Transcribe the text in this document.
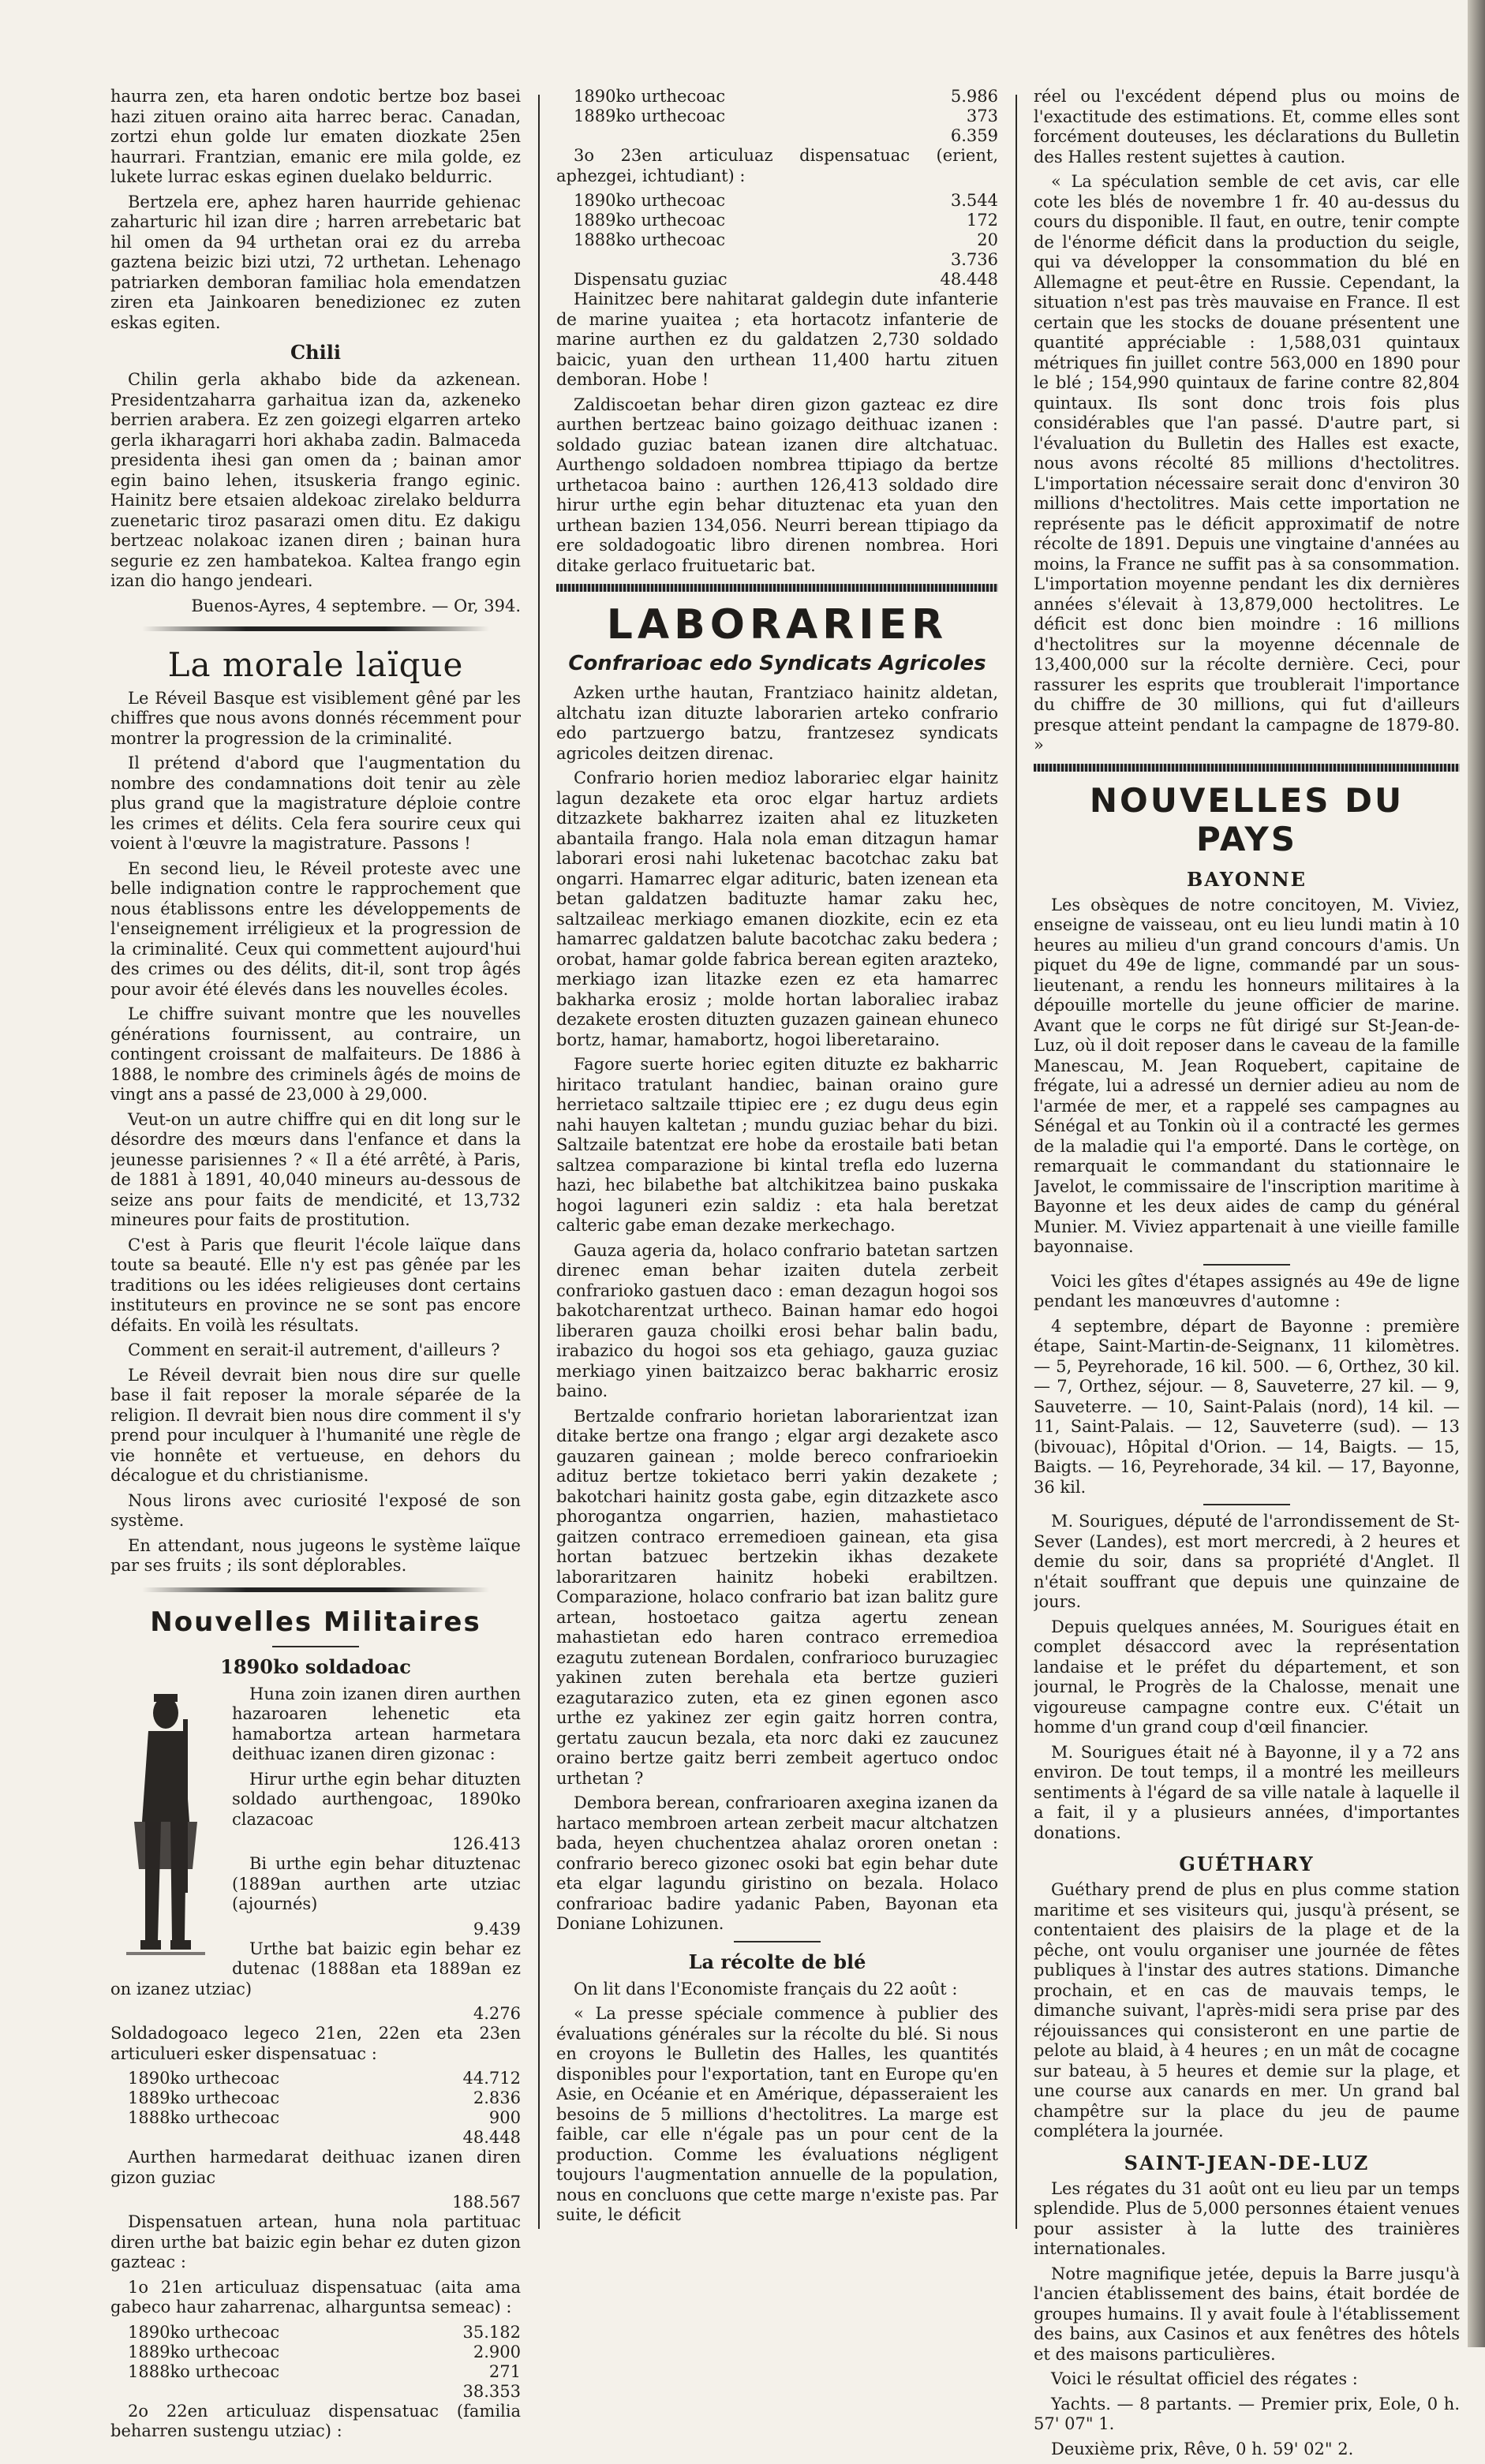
haurra zen, eta haren ondotic bertze boz basei hazi zituen oraino aita harrec berac. Canadan, zortzi ehun golde lur ematen diozkate 25en haurrari. Frantzian, emanic ere mila golde, ez lukete lurrac eskas eginen duelako beldurric.

Bertzela ere, aphez haren haurride gehienac zaharturic hil izan dire ; harren arrebetaric bat hil omen da 94 urthetan orai ez du arreba gaztena beizic bizi utzi, 72 urthetan. Lehenago patriarken demboran familiac hola emendatzen ziren eta Jainkoaren benedizionec ez zuten eskas egiten.

Chili

Chilin gerla akhabo bide da azkenean. Presidentzaharra garhaitua izan da, azkeneko berrien arabera. Ez zen goizegi elgarren arteko gerla ikharagarri hori akhaba zadin. Balmaceda presidenta ihesi gan omen da ; bainan amor egin baino lehen, itsuskeria frango eginic. Hainitz bere etsaien aldekoac zirelako beldurra zuenetaric tiroz pasarazi omen ditu. Ez dakigu bertzeac nolakoac izanen diren ; bainan hura segurie ez zen hambatekoa. Kaltea frango egin izan dio hango jendeari.

Buenos-Ayres, 4 septembre. — Or, 394.
La morale laïque

Le Réveil Basque est visiblement gêné par les chiffres que nous avons donnés récemment pour montrer la progression de la criminalité.

Il prétend d'abord que l'augmentation du nombre des condamnations doit tenir au zèle plus grand que la magistrature déploie contre les crimes et délits. Cela fera sourire ceux qui voient à l'œuvre la magistrature. Passons !

En second lieu, le Réveil proteste avec une belle indignation contre le rapprochement que nous établissons entre les développements de l'enseignement irréligieux et la progression de la criminalité. Ceux qui commettent aujourd'hui des crimes ou des délits, dit-il, sont trop âgés pour avoir été élevés dans les nouvelles écoles.

Le chiffre suivant montre que les nouvelles générations fournissent, au contraire, un contingent croissant de malfaiteurs. De 1886 à 1888, le nombre des criminels âgés de moins de vingt ans a passé de 23,000 à 29,000.

Veut-on un autre chiffre qui en dit long sur le désordre des mœurs dans l'enfance et dans la jeunesse parisiennes ? « Il a été arrêté, à Paris, de 1881 à 1891, 40,040 mineurs au-dessous de seize ans pour faits de mendicité, et 13,732 mineures pour faits de prostitution.

C'est à Paris que fleurit l'école laïque dans toute sa beauté. Elle n'y est pas gênée par les traditions ou les idées religieuses dont certains instituteurs en province ne se sont pas encore défaits. En voilà les résultats.

Comment en serait-il autrement, d'ailleurs ?

Le Réveil devrait bien nous dire sur quelle base il fait reposer la morale séparée de la religion. Il devrait bien nous dire comment il s'y prend pour inculquer à l'humanité une règle de vie honnête et vertueuse, en dehors du décalogue et du christianisme.

Nous lirons avec curiosité l'exposé de son système.

En attendant, nous jugeons le système laïque par ses fruits ; ils sont déplorables.

Nouvelles Militaires
1890ko soldadoac

Huna zoin izanen diren aurthen hazaroaren lehenetic eta hamabortza artean harmetara deithuac izanen diren gizonac :

Hirur urthe egin behar dituzten soldado aurthengoac, 1890ko clazacoac

126.413

Bi urthe egin behar dituztenac (1889an aurthen arte utziac (ajournés)

9.439

Urthe bat baizic egin behar ez dutenac (1888an eta 1889an ez on izanez utziac)

4.276

Soldadogoaco legeco 21en, 22en eta 23en articulueri esker dispensatuac :

1890ko urthecoac	44.712
1889ko urthecoac	2.836
1888ko urthecoac	900
48.448

Aurthen harmedarat deithuac izanen diren gizon guziac

188.567

Dispensatuen artean, huna nola partituac diren urthe bat baizic egin behar ez duten gizon gazteac :

1o 21en articuluaz dispensatuac (aita ama gabeco haur zaharrenac, alharguntsa semeac) :

1890ko urthecoac	35.182
1889ko urthecoac	2.900
1888ko urthecoac	271
38.353

2o 22en articuluaz dispensatuac (familia beharren sustengu utziac) :

1890ko urthecoac	5.986
1889ko urthecoac	373
6.359

3o 23en articuluaz dispensatuac (erient, aphezgei, ichtudiant) :

1890ko urthecoac	3.544
1889ko urthecoac	172
1888ko urthecoac	20
3.736
Dispensatu guziac	48.448

Hainitzec bere nahitarat galdegin dute infanterie de marine yuaitea ; eta hortacotz infanterie de marine aurthen ez du galdatzen 2,730 soldado baicic, yuan den urthean 11,400 hartu zituen demboran. Hobe !

Zaldiscoetan behar diren gizon gazteac ez dire aurthen bertzeac baino goizago deithuac izanen : soldado guziac batean izanen dire altchatuac. Aurthengo soldadoen nombrea ttipiago da bertze urthetacoa baino : aurthen 126,413 soldado dire hirur urthe egin behar dituztenac eta yuan den urthean bazien 134,056. Neurri berean ttipiago da ere soldadogoatic libro direnen nombrea. Hori ditake gerlaco fruituetaric bat.

LABORARIER
Confrarioac edo Syndicats Agricoles

Azken urthe hautan, Frantziaco hainitz aldetan, altchatu izan dituzte laborarien arteko confrario edo partzuergo batzu, frantzesez syndicats agricoles deitzen direnac.

Confrario horien medioz laborariec elgar hainitz lagun dezakete eta oroc elgar hartuz ardiets ditzazkete bakharrez izaiten ahal ez lituzketen abantaila frango. Hala nola eman ditzagun hamar laborari erosi nahi luketenac bacotchac zaku bat ongarri. Hamarrec elgar adituric, baten izenean eta betan galdatzen badituzte hamar zaku hec, saltzaileac merkiago emanen diozkite, ecin ez eta hamarrec galdatzen balute bacotchac zaku bedera ; orobat, hamar golde fabrica berean egiten arazteko, merkiago izan litazke ezen ez eta hamarrec bakharka erosiz ; molde hortan laboraliec irabaz dezakete erosten dituzten guzazen gainean ehuneco bortz, hamar, hamabortz, hogoi liberetaraino.

Fagore suerte horiec egiten dituzte ez bakharric hiritaco tratulant handiec, bainan oraino gure herrietaco saltzaile ttipiec ere ; ez dugu deus egin nahi hauyen kaltetan ; mundu guziac behar du bizi. Saltzaile batentzat ere hobe da erostaile bati betan saltzea comparazione bi kintal trefla edo luzerna hazi, hec bilabethe bat altchikitzea baino puskaka hogoi laguneri ezin saldiz : eta hala beretzat calteric gabe eman dezake merkechago.

Gauza ageria da, holaco confrario batetan sartzen direnec eman behar izaiten dutela zerbeit confrarioko gastuen daco : eman dezagun hogoi sos bakotcharentzat urtheco. Bainan hamar edo hogoi liberaren gauza choilki erosi behar balin badu, irabazico du hogoi sos eta gehiago, gauza guziac merkiago yinen baitzaizco berac bakharric erosiz baino.

Bertzalde confrario horietan laborarientzat izan ditake bertze ona frango ; elgar argi dezakete asco gauzaren gainean ; molde bereco confrarioekin adituz bertze tokietaco berri yakin dezakete ; bakotchari hainitz gosta gabe, egin ditzazkete asco phorogantza ongarrien, hazien, mahastietaco gaitzen contraco erremedioen gainean, eta gisa hortan batzuec bertzekin ikhas dezakete laboraritzaren hainitz hobeki erabiltzen. Comparazione, holaco confrario bat izan balitz gure artean, hostoetaco gaitza agertu zenean mahastietan edo haren contraco erremedioa ezagutu zutenean Bordalen, confrarioco buruzagiec yakinen zuten berehala eta bertze guzieri ezagutarazico zuten, eta ez ginen egonen asco urthe ez yakinez zer egin gaitz horren contra, gertatu zaucun bezala, eta norc daki ez zaucunez oraino bertze gaitz berri zembeit agertuco ondoc urthetan ?

Dembora berean, confrarioaren axegina izanen da hartaco membroen artean zerbeit macur altchatzen bada, heyen chuchentzea ahalaz ororen onetan : confrario bereco gizonec osoki bat egin behar dute eta elgar lagundu giristino on bezala. Holaco confrarioac badire yadanic Paben, Bayonan eta Doniane Lohizunen.

La récolte de blé

On lit dans l'Economiste français du 22 août :

« La presse spéciale commence à publier des évaluations générales sur la récolte du blé. Si nous en croyons le Bulletin des Halles, les quantités disponibles pour l'exportation, tant en Europe qu'en Asie, en Océanie et en Amérique, dépasseraient les besoins de 5 millions d'hectolitres. La marge est faible, car elle n'égale pas un pour cent de la production. Comme les évaluations négligent toujours l'augmentation annuelle de la population, nous en concluons que cette marge n'existe pas. Par suite, le déficit

réel ou l'excédent dépend plus ou moins de l'exactitude des estimations. Et, comme elles sont forcément douteuses, les déclarations du Bulletin des Halles restent sujettes à caution.

« La spéculation semble de cet avis, car elle cote les blés de novembre 1 fr. 40 au-dessus du cours du disponible. Il faut, en outre, tenir compte de l'énorme déficit dans la production du seigle, qui va développer la consommation du blé en Allemagne et peut-être en Russie. Cependant, la situation n'est pas très mauvaise en France. Il est certain que les stocks de douane présentent une quantité appréciable : 1,588,031 quintaux métriques fin juillet contre 563,000 en 1890 pour le blé ; 154,990 quintaux de farine contre 82,804 quintaux. Ils sont donc trois fois plus considérables que l'an passé. D'autre part, si l'évaluation du Bulletin des Halles est exacte, nous avons récolté 85 millions d'hectolitres. L'importation nécessaire serait donc d'environ 30 millions d'hectolitres. Mais cette importation ne représente pas le déficit approximatif de notre récolte de 1891. Depuis une vingtaine d'années au moins, la France ne suffit pas à sa consommation. L'importation moyenne pendant les dix dernières années s'élevait à 13,879,000 hectolitres. Le déficit est donc bien moindre : 16 millions d'hectolitres sur la moyenne décennale de 13,400,000 sur la récolte dernière. Ceci, pour rassurer les esprits que troublerait l'importance du chiffre de 30 millions, qui fut d'ailleurs presque atteint pendant la campagne de 1879-80. »

NOUVELLES DU PAYS
BAYONNE

Les obsèques de notre concitoyen, M. Viviez, enseigne de vaisseau, ont eu lieu lundi matin à 10 heures au milieu d'un grand concours d'amis. Un piquet du 49e de ligne, commandé par un sous-lieutenant, a rendu les honneurs militaires à la dépouille mortelle du jeune officier de marine. Avant que le corps ne fût dirigé sur St-Jean-de-Luz, où il doit reposer dans le caveau de la famille Manescau, M. Jean Roquebert, capitaine de frégate, lui a adressé un dernier adieu au nom de l'armée de mer, et a rappelé ses campagnes au Sénégal et au Tonkin où il a contracté les germes de la maladie qui l'a emporté. Dans le cortège, on remarquait le commandant du stationnaire le Javelot, le commissaire de l'inscription maritime à Bayonne et les deux aides de camp du général Munier. M. Viviez appartenait à une vieille famille bayonnaise.

Voici les gîtes d'étapes assignés au 49e de ligne pendant les manœuvres d'automne :

4 septembre, départ de Bayonne : première étape, Saint-Martin-de-Seignanx, 11 kilomètres. — 5, Peyrehorade, 16 kil. 500. — 6, Orthez, 30 kil. — 7, Orthez, séjour. — 8, Sauveterre, 27 kil. — 9, Sauveterre. — 10, Saint-Palais (nord), 14 kil. — 11, Saint-Palais. — 12, Sauveterre (sud). — 13 (bivouac), Hôpital d'Orion. — 14, Baigts. — 15, Baigts. — 16, Peyrehorade, 34 kil. — 17, Bayonne, 36 kil.

M. Sourigues, député de l'arrondissement de St-Sever (Landes), est mort mercredi, à 2 heures et demie du soir, dans sa propriété d'Anglet. Il n'était souffrant que depuis une quinzaine de jours.

Depuis quelques années, M. Sourigues était en complet désaccord avec la représentation landaise et le préfet du département, et son journal, le Progrès de la Chalosse, menait une vigoureuse campagne contre eux. C'était un homme d'un grand coup d'œil financier.

M. Sourigues était né à Bayonne, il y a 72 ans environ. De tout temps, il a montré les meilleurs sentiments à l'égard de sa ville natale à laquelle il a fait, il y a plusieurs années, d'importantes donations.

GUÉTHARY

Guéthary prend de plus en plus comme station maritime et ses visiteurs qui, jusqu'à présent, se contentaient des plaisirs de la plage et de la pêche, ont voulu organiser une journée de fêtes publiques à l'instar des autres stations. Dimanche prochain, et en cas de mauvais temps, le dimanche suivant, l'après-midi sera prise par des réjouissances qui consisteront en une partie de pelote au blaid, à 4 heures ; en un mât de cocagne sur bateau, à 5 heures et demie sur la plage, et une course aux canards en mer. Un grand bal champêtre sur la place du jeu de paume complétera la journée.

SAINT-JEAN-DE-LUZ

Les régates du 31 août ont eu lieu par un temps splendide. Plus de 5,000 personnes étaient venues pour assister à la lutte des trainières internationales.

Notre magnifique jetée, depuis la Barre jusqu'à l'ancien établissement des bains, était bordée de groupes humains. Il y avait foule à l'établissement des bains, aux Casinos et aux fenêtres des hôtels et des maisons particulières.

Voici le résultat officiel des régates :

Yachts. — 8 partants. — Premier prix, Eole, 0 h. 57' 07" 1.

Deuxième prix, Rêve, 0 h. 59' 02" 2.
